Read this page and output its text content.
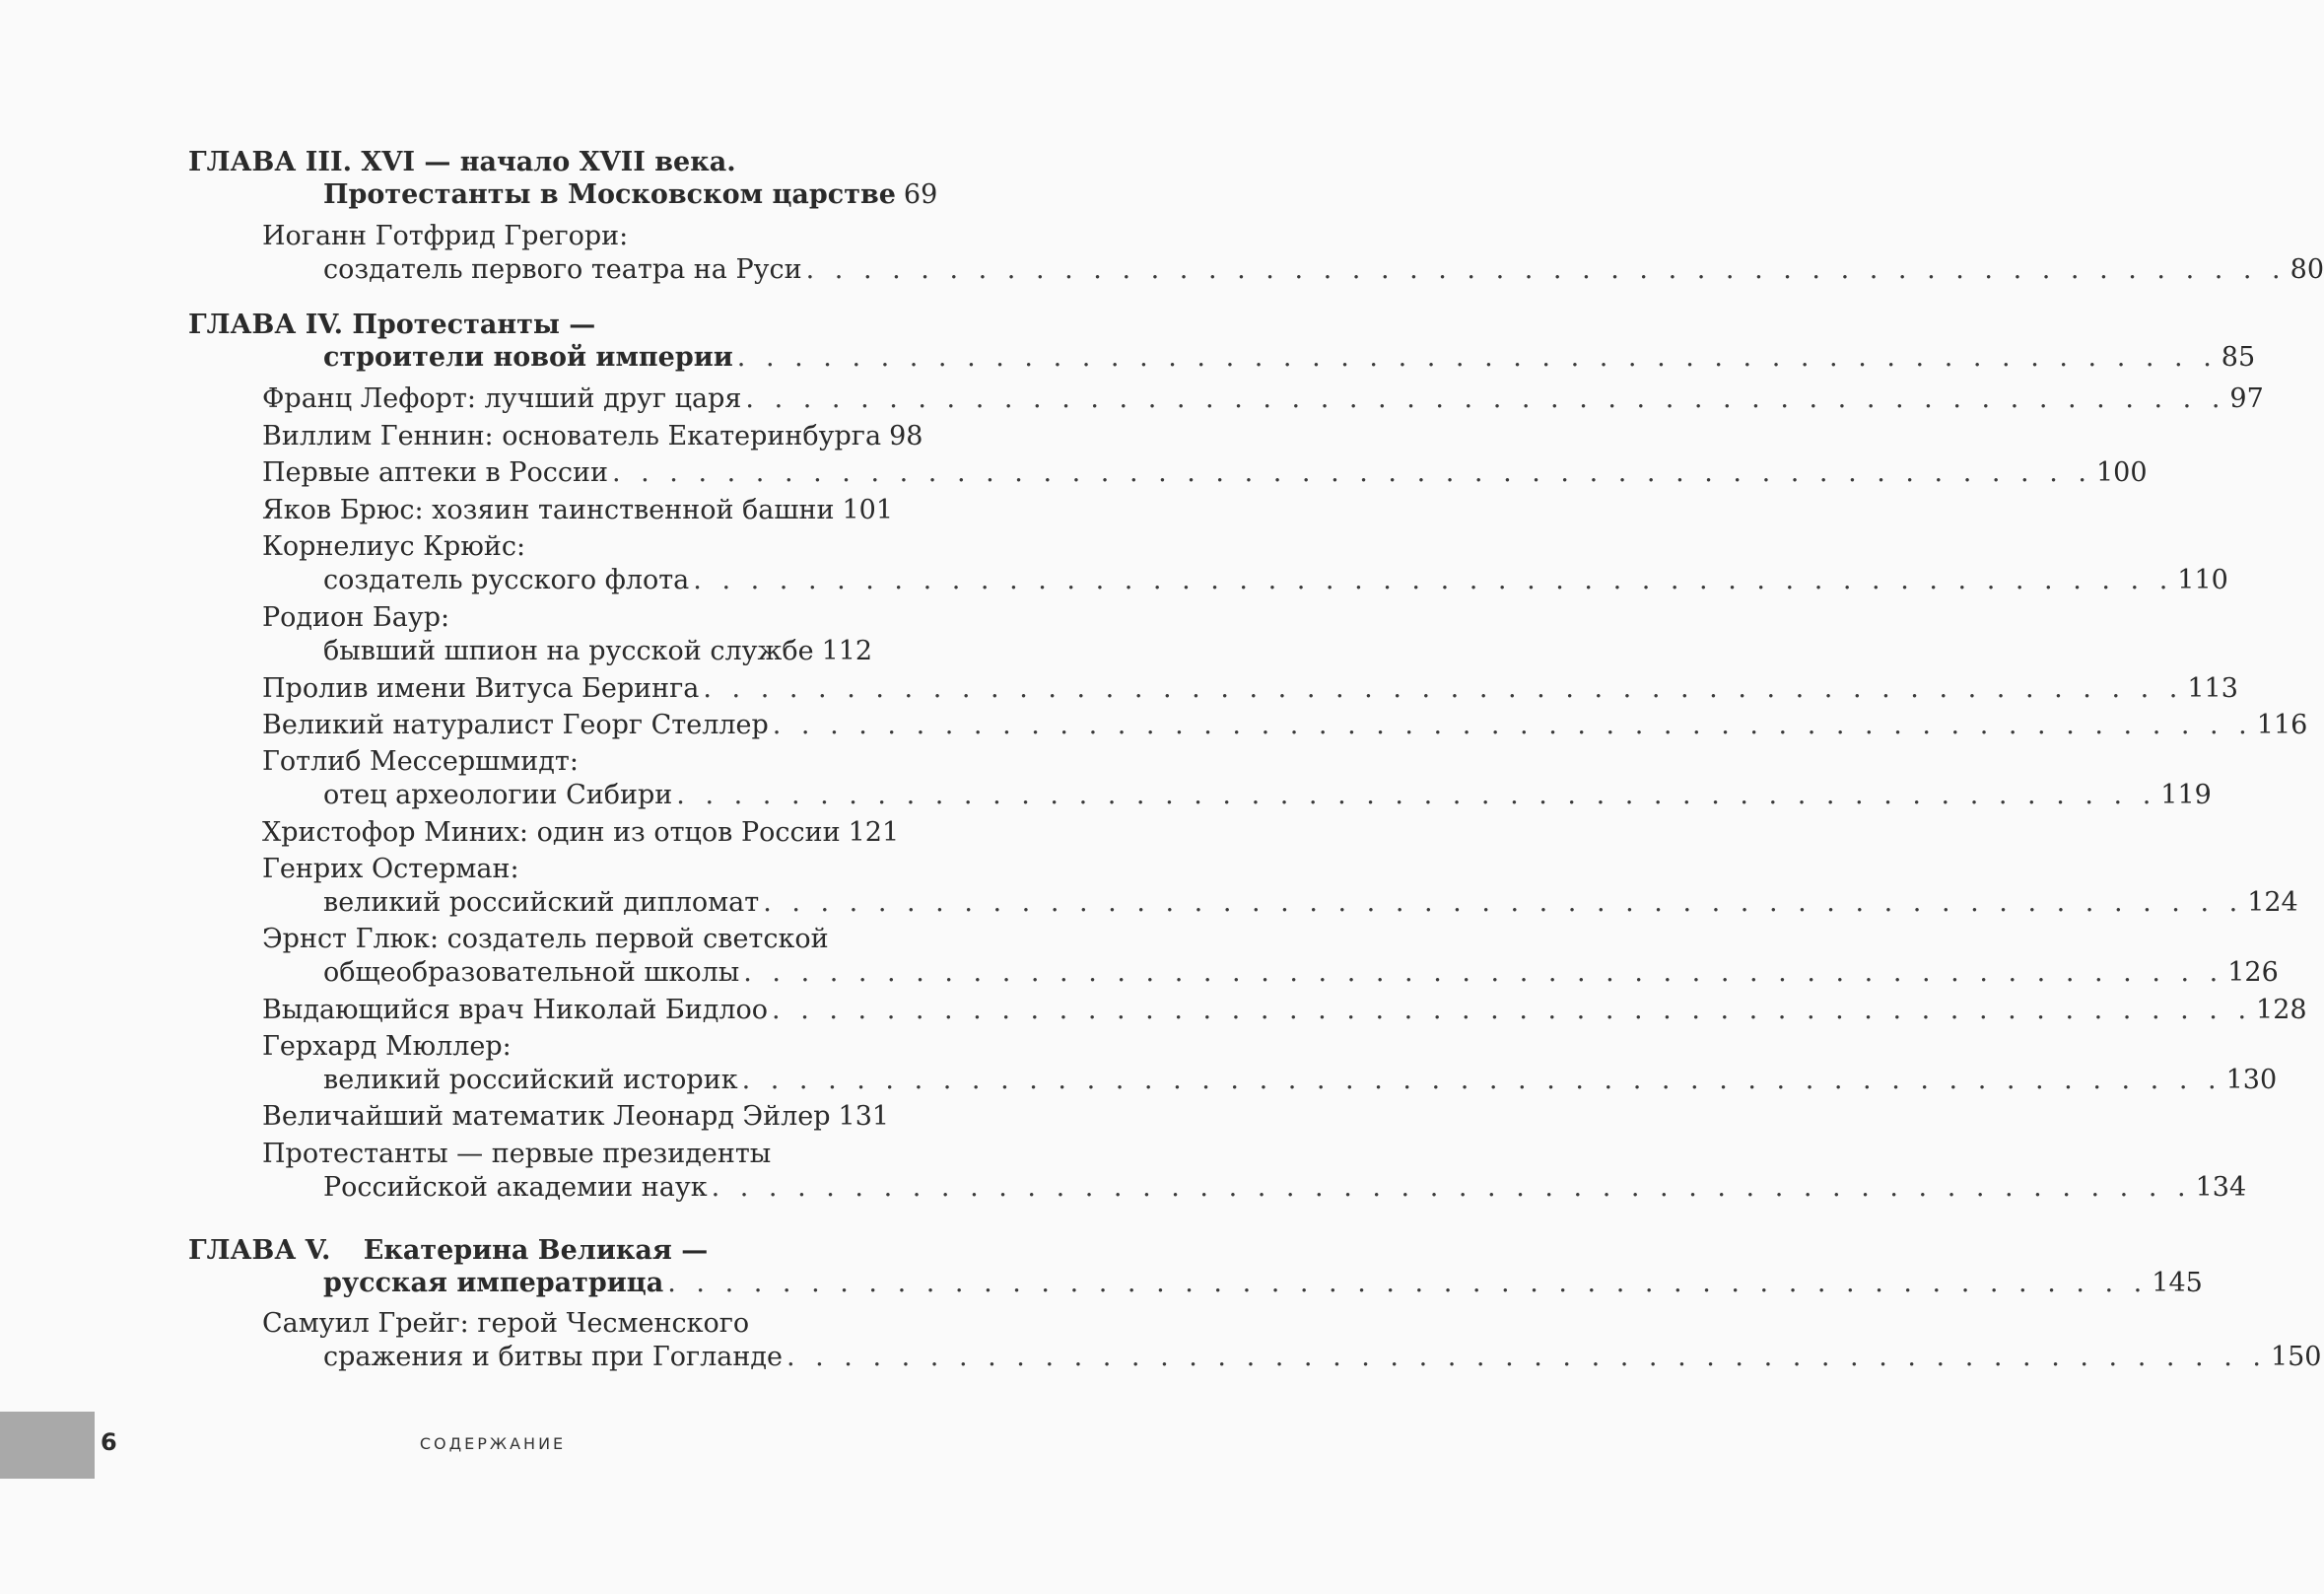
ГЛАВА III. XVI — начало XVII века.
Протестанты в Московском царстве 69
Иоганн Готфрид Грегори:
создатель первого театра на Руси . . . . . . . . . . . . . . . . . . . . . . . . . . . . . . . . . . . . . . . . . . . . . . . . . . . . 80
ГЛАВА IV. Протестанты —
строители новой империи . . . . . . . . . . . . . . . . . . . . . . . . . . . . . . . . . . . . . . . . . . . . . . . . . . . . 85
Франц Лефорт: лучший друг царя . . . . . . . . . . . . . . . . . . . . . . . . . . . . . . . . . . . . . . . . . . . . . . . . . . . . 97
Виллим Геннин: основатель Екатеринбурга 98
Первые аптеки в России . . . . . . . . . . . . . . . . . . . . . . . . . . . . . . . . . . . . . . . . . . . . . . . . . . . . 100
Яков Брюс: хозяин таинственной башни 101
Корнелиус Крюйс:
создатель русского флота . . . . . . . . . . . . . . . . . . . . . . . . . . . . . . . . . . . . . . . . . . . . . . . . . . . . 110
Родион Баур:
бывший шпион на русской службе 112
Пролив имени Витуса Беринга . . . . . . . . . . . . . . . . . . . . . . . . . . . . . . . . . . . . . . . . . . . . . . . . . . . . 113
Великий натуралист Георг Стеллер . . . . . . . . . . . . . . . . . . . . . . . . . . . . . . . . . . . . . . . . . . . . . . . . . . . . 116
Готлиб Мессершмидт:
отец археологии Сибири . . . . . . . . . . . . . . . . . . . . . . . . . . . . . . . . . . . . . . . . . . . . . . . . . . . . 119
Христофор Миних: один из отцов России 121
Генрих Остерман:
великий российский дипломат . . . . . . . . . . . . . . . . . . . . . . . . . . . . . . . . . . . . . . . . . . . . . . . . . . . . 124
Эрнст Глюк: создатель первой светской
общеобразовательной школы . . . . . . . . . . . . . . . . . . . . . . . . . . . . . . . . . . . . . . . . . . . . . . . . . . . . 126
Выдающийся врач Николай Бидлоо . . . . . . . . . . . . . . . . . . . . . . . . . . . . . . . . . . . . . . . . . . . . . . . . . . . . 128
Герхард Мюллер:
великий российский историк . . . . . . . . . . . . . . . . . . . . . . . . . . . . . . . . . . . . . . . . . . . . . . . . . . . . 130
Величайший математик Леонард Эйлер 131
Протестанты — первые президенты
Российской академии наук . . . . . . . . . . . . . . . . . . . . . . . . . . . . . . . . . . . . . . . . . . . . . . . . . . . . 134
ГЛАВА V. Екатерина Великая —
русская императрица . . . . . . . . . . . . . . . . . . . . . . . . . . . . . . . . . . . . . . . . . . . . . . . . . . . . 145
Самуил Грейг: герой Чесменского
сражения и битвы при Гогланде . . . . . . . . . . . . . . . . . . . . . . . . . . . . . . . . . . . . . . . . . . . . . . . . . . . . 150
6	СОДЕРЖАНИЕ
